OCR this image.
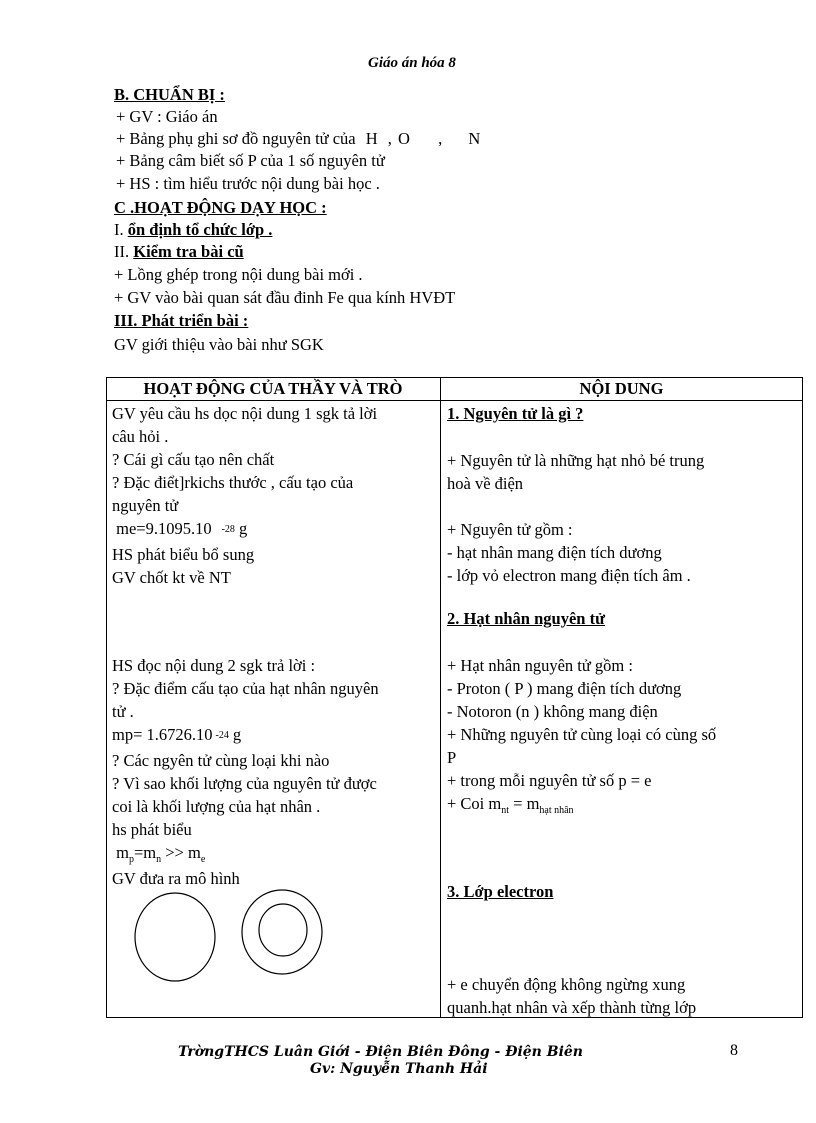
Giáo án hóa 8
B. CHUẨN BỊ :
+ GV : Giáo án
+ Bảng phụ ghi sơ đồ nguyên tử của H , O , N
+ Bảng câm biết số P của 1 số nguyên tử
+ HS : tìm hiểu trước nội dung bài học .
C .HOẠT ĐỘNG DẠY HỌC :
I. ổn định tổ chức lớp .
II. Kiểm tra bài cũ
+ Lồng ghép trong nội dung bài mới .
+ GV vào bài quan sát đầu đinh Fe qua kính HVĐT
III. Phát triển bài :
GV giới thiệu vào bài như SGK
HOẠT ĐỘNG CỦA THẦY VÀ TRÒ	NỘI DUNG
GV yêu cầu hs dọc nội dung 1 sgk tả lời
câu hỏi .
? Cái gì cấu tạo nên chất
? Đặc điểt]rkichs thước , cấu tạo của
nguyên tử
me=9.1095.10 $^{-28}$ g
HS phát biểu bổ sung
GV chốt kt về NT
HS đọc nội dung 2 sgk trả lời :
? Đặc điểm cấu tạo của hạt nhân nguyên
tử .
mp= 1.6726.10 $^{-24}$ g
? Các ngyên tử cùng loại khi nào
? Vì sao khối lượng của nguyên tử được
coi là khối lượng của hạt nhân .
hs phát biểu
$m_p=m_n >> m_e$
GV đưa ra mô hình
1. Nguyên tử là gì ?
+ Nguyên tử là những hạt nhỏ bé trung
hoà về điện
+ Nguyên tử gồm :
- hạt nhân mang điện tích dương
- lớp vỏ electron mang điện tích âm .
2. Hạt nhân nguyên tử
+ Hạt nhân nguyên tử gồm :
- Proton ( P ) mang điện tích dương
- Notoron (n ) không mang điện
+ Những nguyên tử cùng loại có cùng số
P
+ trong mỗi nguyên tử số p = e
+ Coi $m_{nt} = m_{hạt nhân}$
3. Lớp electron
+ e chuyển động không ngừng xung
quanh.hạt nhân và xếp thành từng lớp
TrờngTHCS Luân Giới - Điện Biên Đông - Điện Biên
Gv: Nguyễn Thanh Hải
8
